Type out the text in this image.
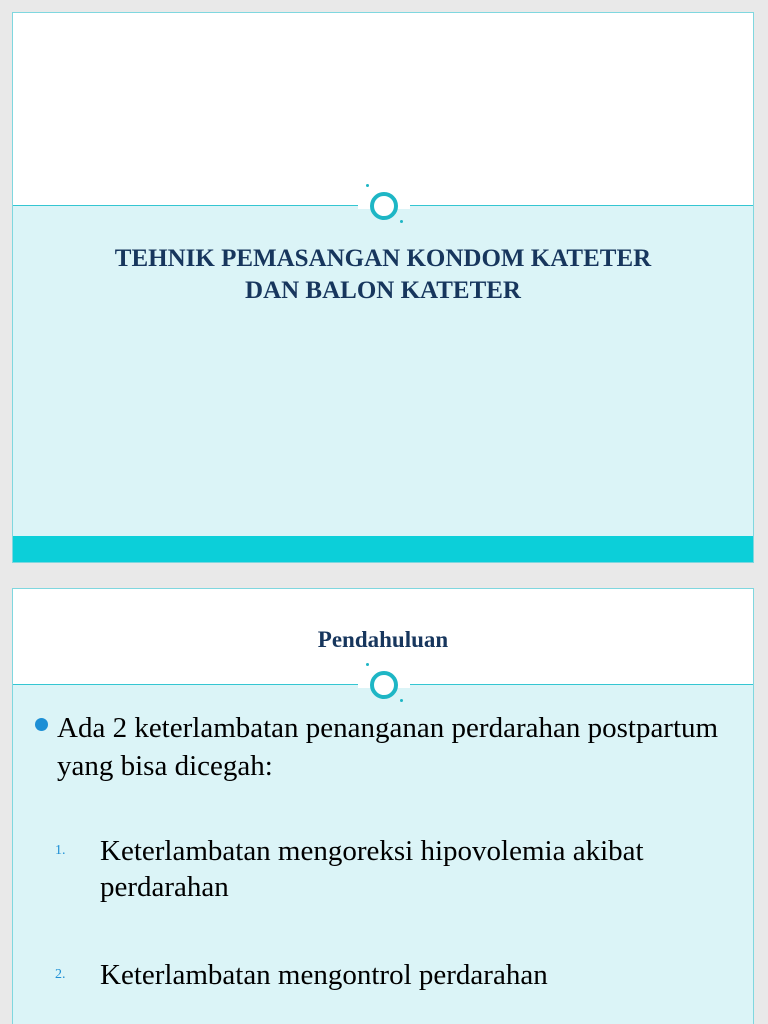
TEHNIK PEMASANGAN KONDOM KATETER
DAN BALON KATETER
Pendahuluan
Ada 2 keterlambatan penanganan perdarahan postpartum yang bisa dicegah:
1. Keterlambatan mengoreksi hipovolemia akibat perdarahan
2. Keterlambatan mengontrol perdarahan
